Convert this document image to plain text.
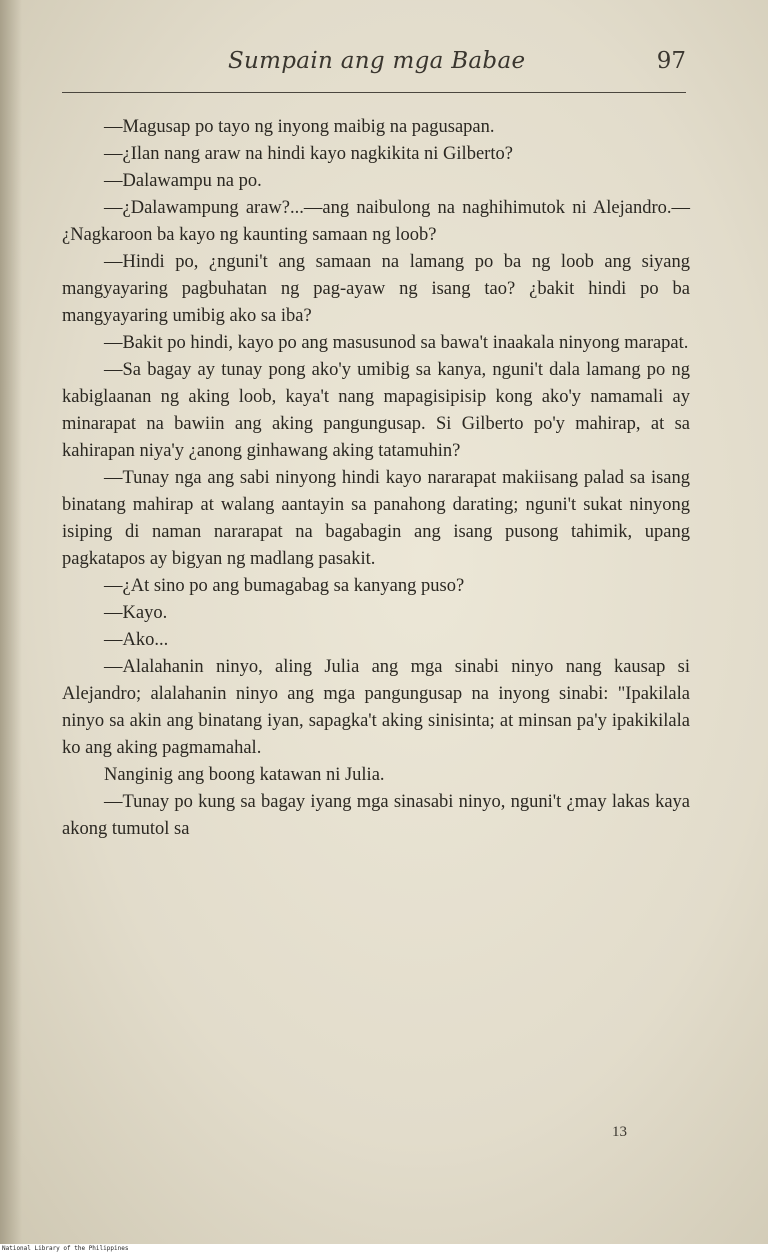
Sumpain ang mga Babae	97

—Magusap po tayo ng inyong maibig na pagusapan.

—¿Ilan nang araw na hindi kayo nagkikita ni Gilberto?

—Dalawampu na po.

—¿Dalawampung araw?...—ang naibulong na naghihimutok ni Alejandro.—¿Nagkaroon ba kayo ng kaunting samaan ng loob?

—Hindi po, ¿nguni't ang samaan na lamang po ba ng loob ang siyang mangyayaring pagbuhatan ng pag-ayaw ng isang tao? ¿bakit hindi po ba mangyayaring umibig ako sa iba?

—Bakit po hindi, kayo po ang masusunod sa bawa't inaakala ninyong marapat.

—Sa bagay ay tunay pong ako'y umibig sa kanya, nguni't dala lamang po ng kabiglaanan ng aking loob, kaya't nang mapagisipisip kong ako'y namamali ay minarapat na bawiin ang aking pangungusap. Si Gilberto po'y mahirap, at sa kahirapan niya'y ¿anong ginhawang aking tatamuhin?

—Tunay nga ang sabi ninyong hindi kayo nararapat makiisang palad sa isang binatang mahirap at walang aantayin sa panahong darating; nguni't sukat ninyong isiping di naman nararapat na bagabagin ang isang pusong tahimik, upang pagkatapos ay bigyan ng madlang pasakit.

—¿At sino po ang bumagabag sa kanyang puso?

—Kayo.

—Ako...

—Alalahanin ninyo, aling Julia ang mga sinabi ninyo nang kausap si Alejandro; alalahanin ninyo ang mga pangungusap na inyong sinabi: "Ipakilala ninyo sa akin ang binatang iyan, sapagka't aking sinisinta; at minsan pa'y ipakikilala ko ang aking pagmamahal.

Nanginig ang boong katawan ni Julia.

—Tunay po kung sa bagay iyang mga sinasabi ninyo, nguni't ¿may lakas kaya akong tumutol sa

13
National Library of the Philippines
